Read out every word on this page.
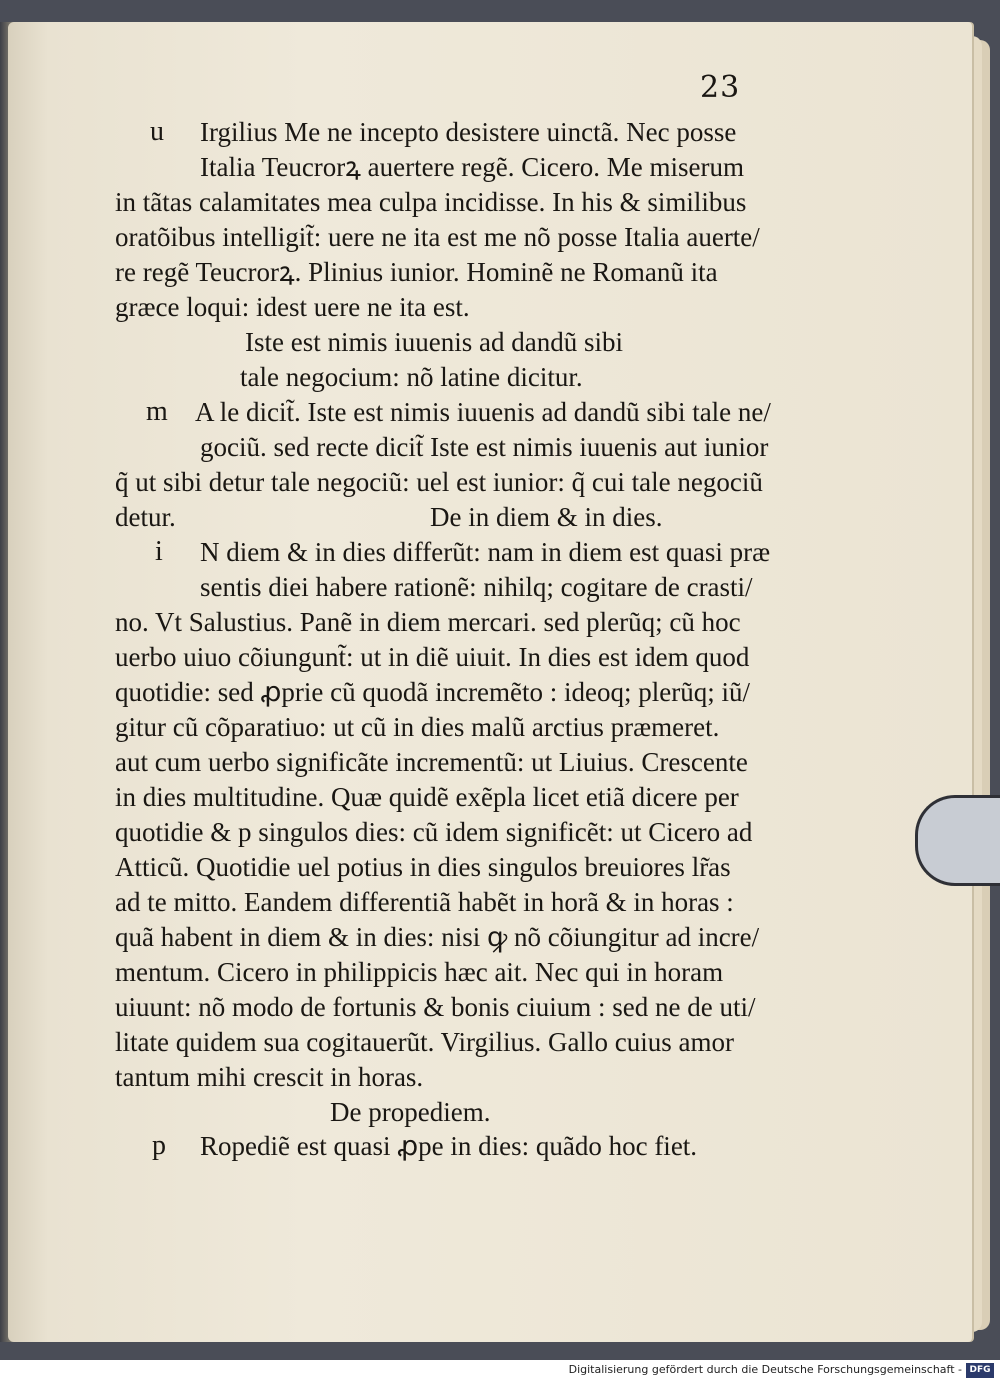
23
u
m
i
p
Irgilius Me ne incepto desistere uinctã. Nec posse
Italia Teucrorꝝ auertere regẽ. Cicero. Me miserum
in tãtas calamitates mea culpa incidisse. In his & similibus
oratõibus intelligit̃: uere ne ita est me nõ posse Italia auerte/
re regẽ Teucrorꝝ. Plinius iunior. Hominẽ ne Romanũ ita
græce loqui: idest uere ne ita est.
Iste est nimis iuuenis ad dandũ sibi
tale negocium: nõ latine dicitur.
A le dicit̃. Iste est nimis iuuenis ad dandũ sibi tale ne/
gociũ. sed recte dicit̃ Iste est nimis iuuenis aut iunior
q̃ ut sibi detur tale negociũ: uel est iunior: q̃ cui tale negociũ
detur.	De in diem & in dies.
N diem & in dies differũt: nam in diem est quasi præ
sentis diei habere rationẽ: nihilq; cogitare de crasti/
no. Vt Salustius. Panẽ in diem mercari. sed plerũq; cũ hoc
uerbo uiuo cõiungunt̃: ut in diẽ uiuit. In dies est idem quod
quotidie: sed ꝓprie cũ quodã incremẽto : ideoq; plerũq; iũ/
gitur cũ cõparatiuo: ut cũ in dies malũ arctius præmeret.
aut cum uerbo significãte incrementũ: ut Liuius. Crescente
in dies multitudine. Quæ quidẽ exẽpla licet etiã dicere per
quotidie & p singulos dies: cũ idem significẽt: ut Cicero ad
Atticũ. Quotidie uel potius in dies singulos breuiores lr̃as
ad te mitto. Eandem differentiã habẽt in horã & in horas :
quã habent in diem & in dies: nisi ꝙ nõ cõiungitur ad incre/
mentum. Cicero in philippicis hæc ait. Nec qui in horam
uiuunt: nõ modo de fortunis & bonis ciuium : sed ne de uti/
litate quidem sua cogitauerũt. Virgilius. Gallo cuius amor
tantum mihi crescit in horas.
De propediem.
Ropediẽ est quasi ꝓpe in dies: quãdo hoc fiet.
Digitalisierung gefördert durch die Deutsche Forschungsgemeinschaft - DFG
